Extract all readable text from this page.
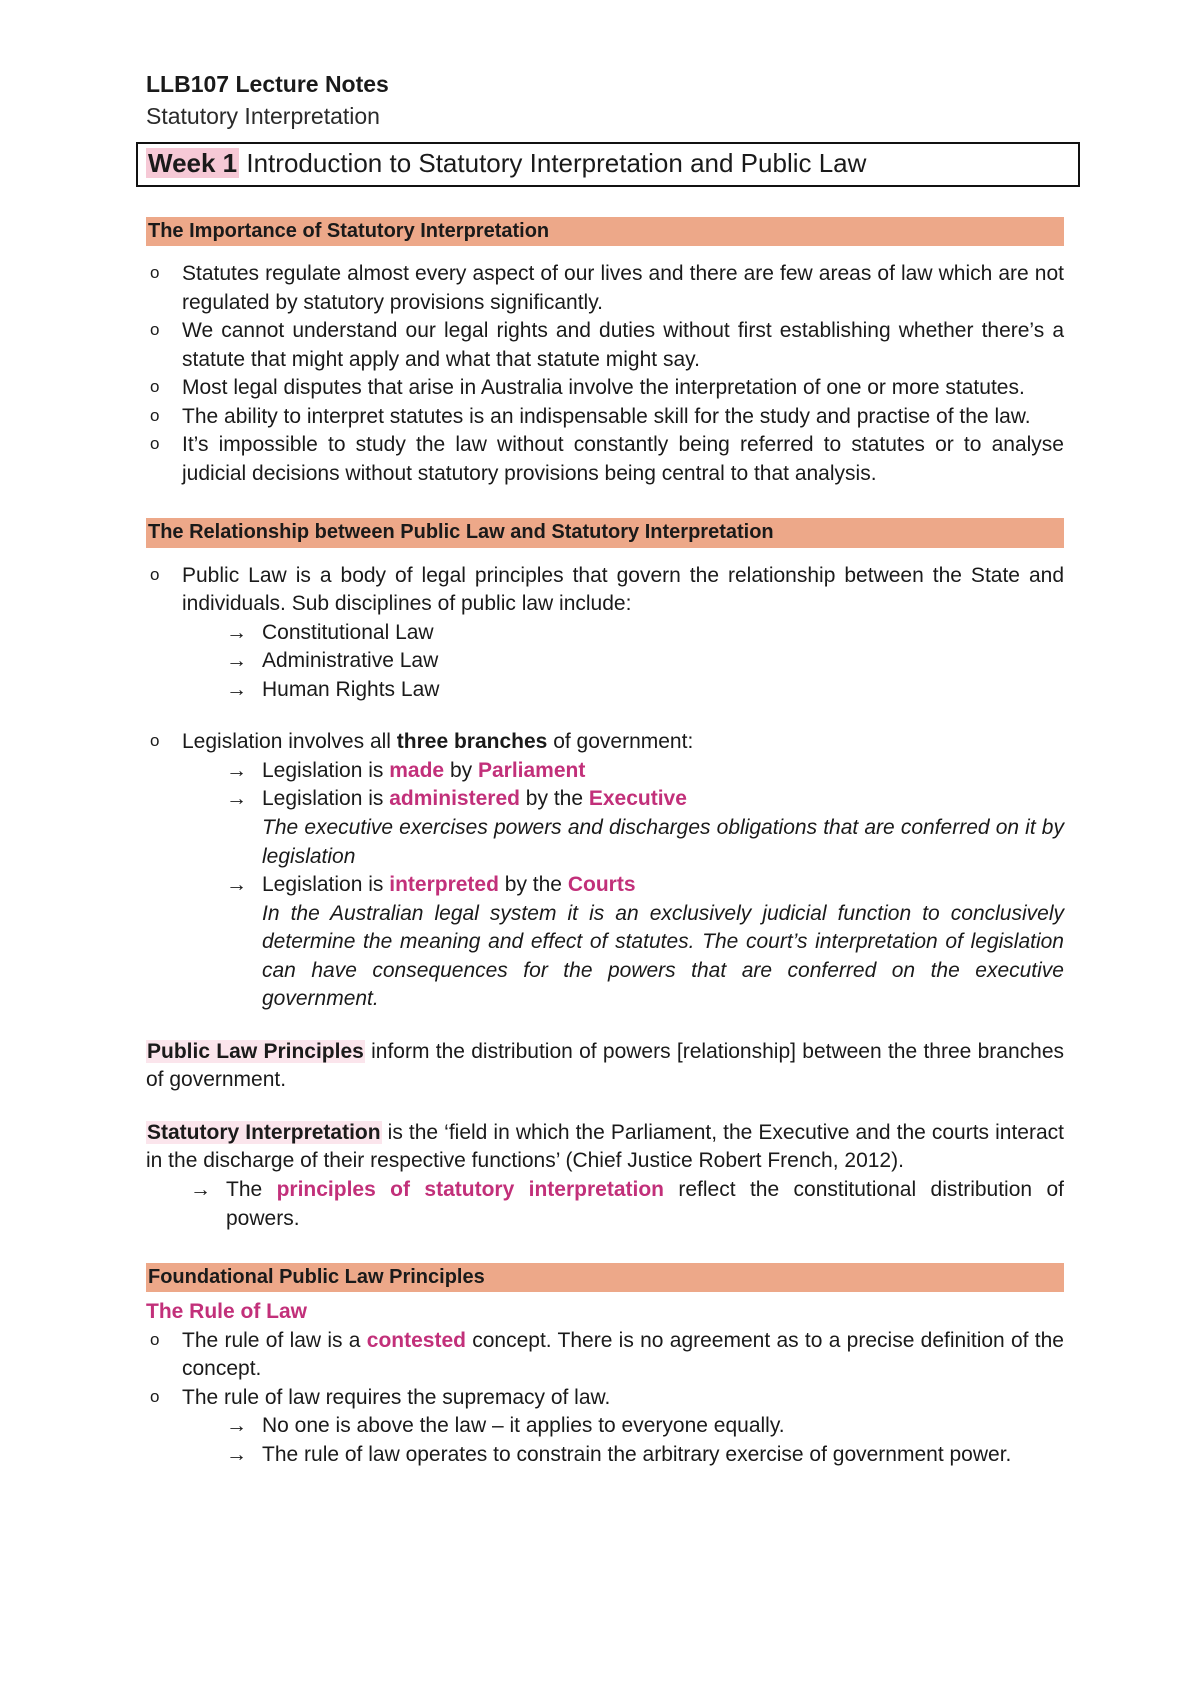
LLB107 Lecture Notes
Statutory Interpretation
Week 1 Introduction to Statutory Interpretation and Public Law
The Importance of Statutory Interpretation
o Statutes regulate almost every aspect of our lives and there are few areas of law which are not regulated by statutory provisions significantly.
o We cannot understand our legal rights and duties without first establishing whether there’s a statute that might apply and what that statute might say.
o Most legal disputes that arise in Australia involve the interpretation of one or more statutes.
o The ability to interpret statutes is an indispensable skill for the study and practise of the law.
o It’s impossible to study the law without constantly being referred to statutes or to analyse judicial decisions without statutory provisions being central to that analysis.
The Relationship between Public Law and Statutory Interpretation
o Public Law is a body of legal principles that govern the relationship between the State and individuals. Sub disciplines of public law include:
→ Constitutional Law
→ Administrative Law
→ Human Rights Law
o Legislation involves all three branches of government:
→ Legislation is made by Parliament
→ Legislation is administered by the Executive
The executive exercises powers and discharges obligations that are conferred on it by legislation
→ Legislation is interpreted by the Courts
In the Australian legal system it is an exclusively judicial function to conclusively determine the meaning and effect of statutes. The court’s interpretation of legislation can have consequences for the powers that are conferred on the executive government.

Public Law Principles inform the distribution of powers [relationship] between the three branches of government.

Statutory Interpretation is the ‘field in which the Parliament, the Executive and the courts interact in the discharge of their respective functions’ (Chief Justice Robert French, 2012).

→ The principles of statutory interpretation reflect the constitutional distribution of powers.
Foundational Public Law Principles
The Rule of Law
o The rule of law is a contested concept. There is no agreement as to a precise definition of the concept.
o The rule of law requires the supremacy of law.
→ No one is above the law – it applies to everyone equally.
→ The rule of law operates to constrain the arbitrary exercise of government power.
